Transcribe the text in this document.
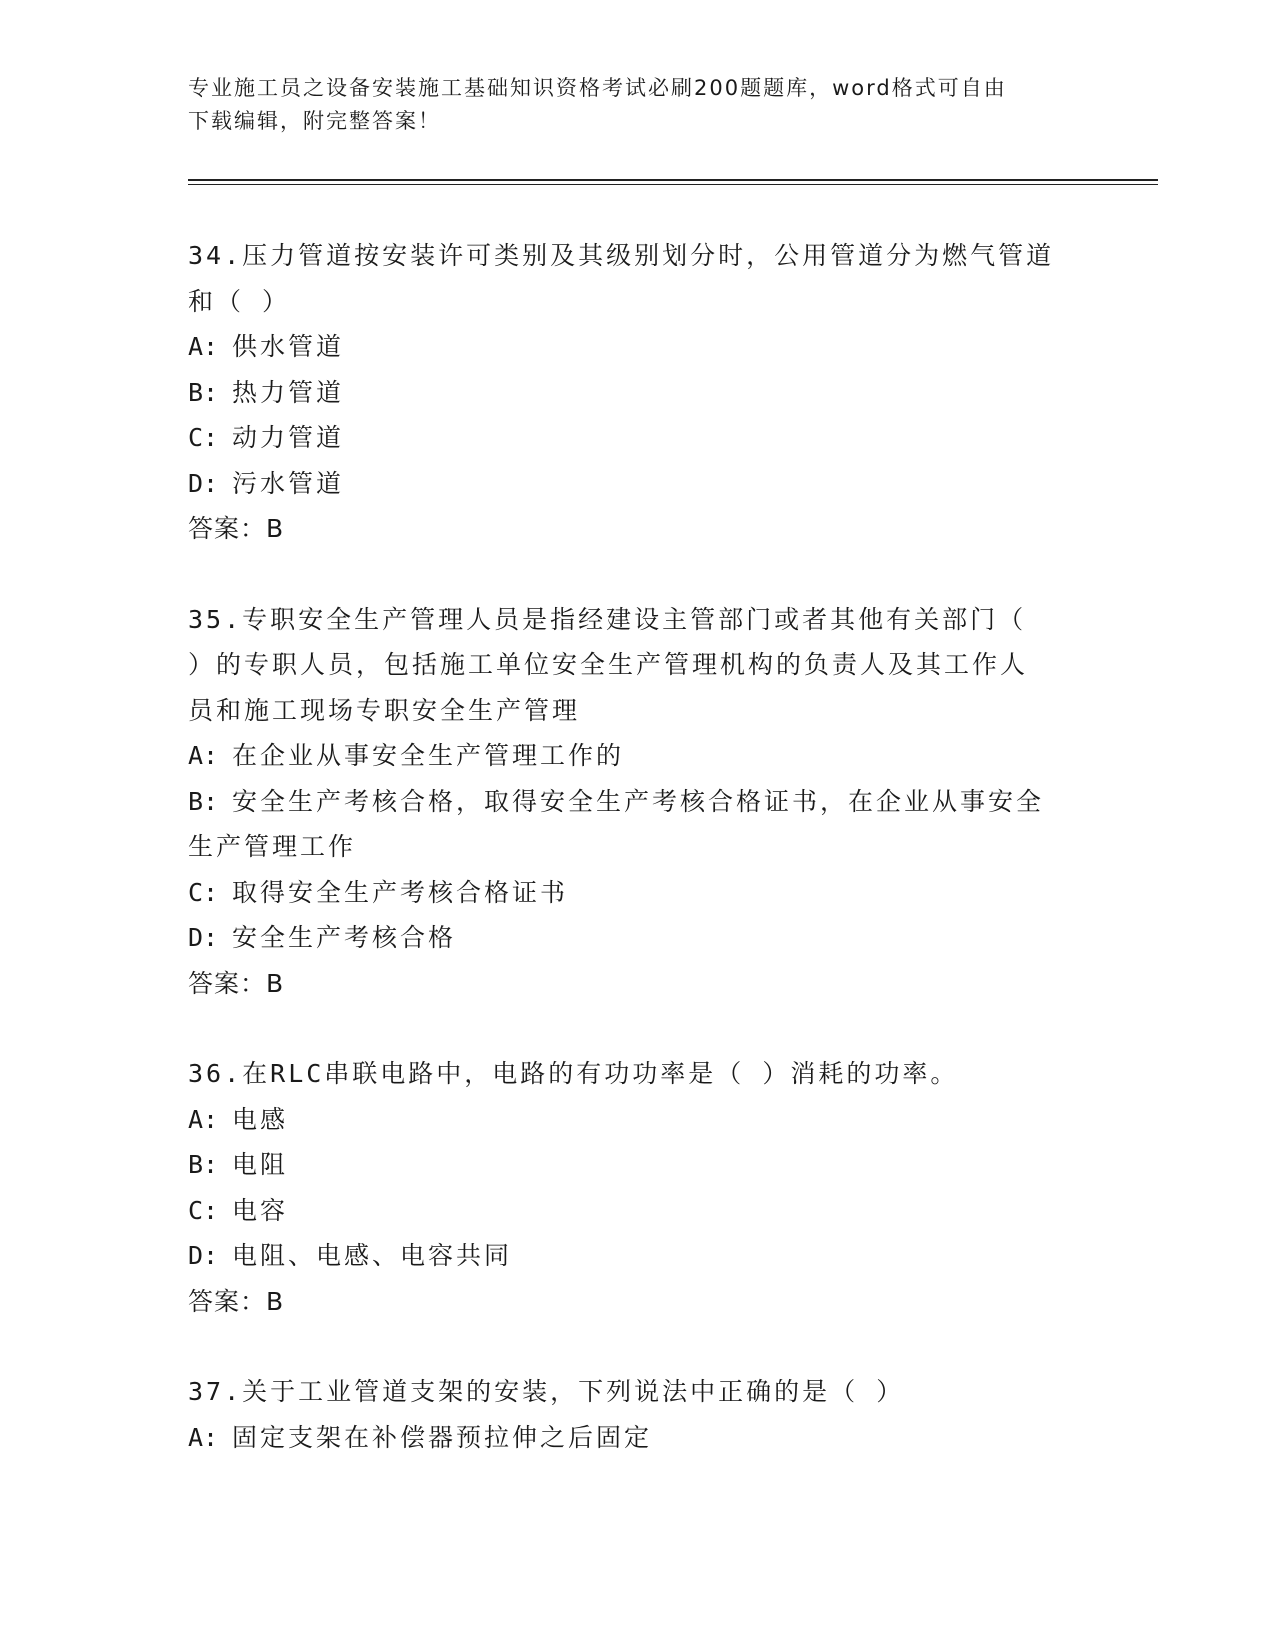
专业施工员之设备安装施工基础知识资格考试必刷200题题库，word格式可自由
下载编辑，附完整答案！
34.压力管道按安装许可类别及其级别划分时，公用管道分为燃气管道
和（ ）
A: 供水管道
B: 热力管道
C: 动力管道
D: 污水管道
答案：B
35.专职安全生产管理人员是指经建设主管部门或者其他有关部门（
）的专职人员，包括施工单位安全生产管理机构的负责人及其工作人
员和施工现场专职安全生产管理
A: 在企业从事安全生产管理工作的
B: 安全生产考核合格，取得安全生产考核合格证书，在企业从事安全
生产管理工作
C: 取得安全生产考核合格证书
D: 安全生产考核合格
答案：B
36.在RLC串联电路中，电路的有功功率是（ ）消耗的功率。
A: 电感
B: 电阻
C: 电容
D: 电阻、电感、电容共同
答案：B
37.关于工业管道支架的安装，下列说法中正确的是（ ）
A: 固定支架在补偿器预拉伸之后固定
